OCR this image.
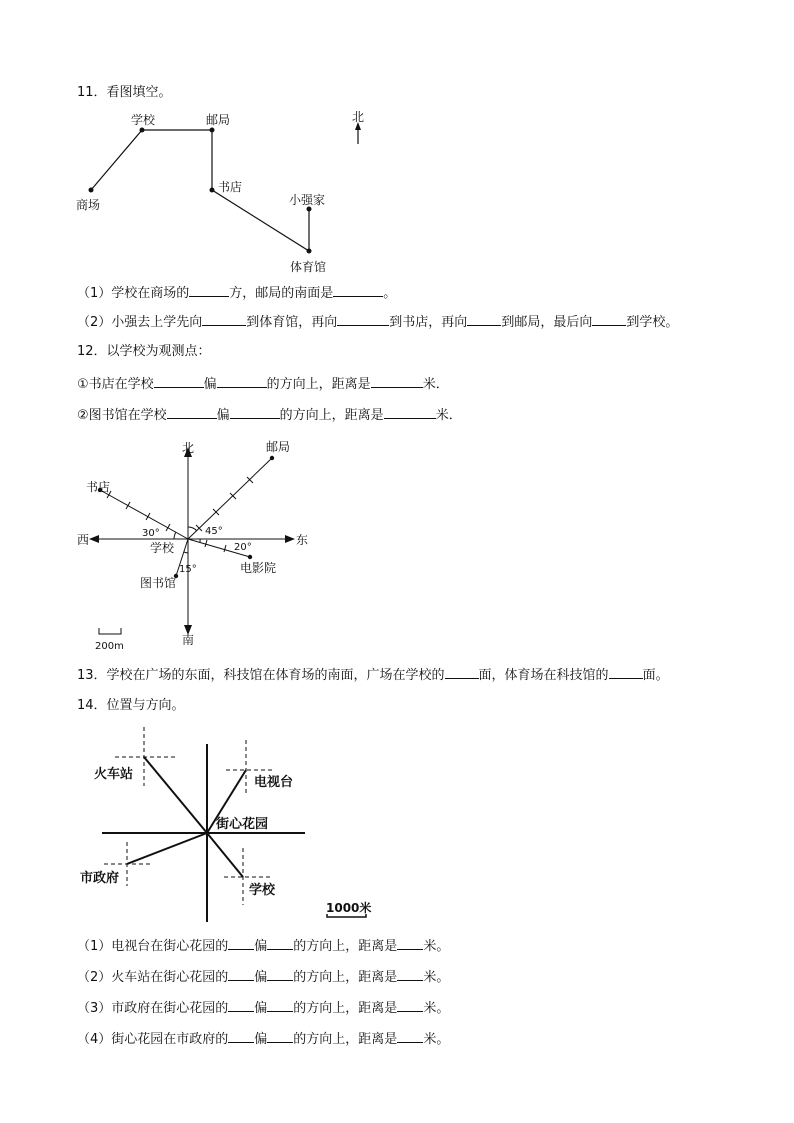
11．看图填空。
北
学校	邮局
商场
书店
小强家
体育馆
（1）学校在商场的	方，邮局的南面是	。
（2）小强去上学先向	到体育馆，再向	到书店，再向	到邮局，最后向	到学校。
12．以学校为观测点：
①书店在学校	偏	的方向上，距离是	米．
②图书馆在学校	偏	的方向上，距离是	米．
北
南
西	东
邮局
书店
学校
图书馆
电影院
30°	45°
20°
15°
200m
13．学校在广场的东面，科技馆在体育场的南面，广场在学校的	面，体育场在科技馆的	面。
14．位置与方向。
火车站
电视台
街心花园
市政府
学校
1000米
（1）电视台在街心花园的 偏 的方向上，距离是 米。
（2）火车站在街心花园的 偏 的方向上，距离是 米。
（3）市政府在街心花园的 偏 的方向上，距离是 米。
（4）街心花园在市政府的 偏 的方向上，距离是 米。
